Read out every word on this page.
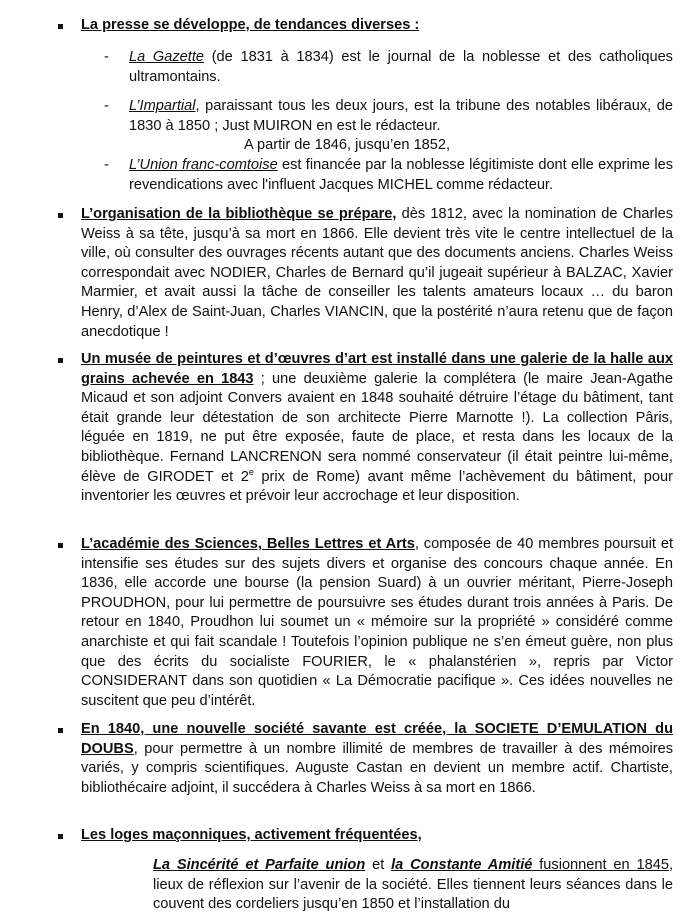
La presse se développe, de tendances diverses :
- La Gazette (de 1831 à 1834) est le journal de la noblesse et des catholiques ultramontains.
- L’Impartial, paraissant tous les deux jours, est la tribune des notables libéraux, de 1830 à 1850 ; Just MUIRON en est le rédacteur.
A partir de 1846, jusqu’en 1852,
- L’Union franc-comtoise est financée par la noblesse légitimiste dont elle exprime les revendications avec l'influent Jacques MICHEL comme rédacteur.
L’organisation de la bibliothèque se prépare, dès 1812, avec la nomination de Charles Weiss à sa tête, jusqu’à sa mort en 1866. Elle devient très vite le centre intellectuel de la ville, où consulter des ouvrages récents autant que des documents anciens. Charles Weiss correspondait avec NODIER, Charles de Bernard qu’il jugeait supérieur à BALZAC, Xavier Marmier, et avait aussi la tâche de conseiller les talents amateurs locaux … du baron Henry, d’Alex de Saint-Juan, Charles VIANCIN, que la postérité n’aura retenu que de façon anecdotique !
Un musée de peintures et d’œuvres d’art est installé dans une galerie de la halle aux grains achevée en 1843 ; une deuxième galerie la complétera (le maire Jean-Agathe Micaud et son adjoint Convers avaient en 1848 souhaité détruire l’étage du bâtiment, tant était grande leur détestation de son architecte Pierre Marnotte !). La collection Pâris, léguée en 1819, ne put être exposée, faute de place, et resta dans les locaux de la bibliothèque. Fernand LANCRENON sera nommé conservateur (il était peintre lui-même, élève de GIRODET et 2e prix de Rome) avant même l’achèvement du bâtiment, pour inventorier les œuvres et prévoir leur accrochage et leur disposition.
L’académie des Sciences, Belles Lettres et Arts, composée de 40 membres poursuit et intensifie ses études sur des sujets divers et organise des concours chaque année. En 1836, elle accorde une bourse (la pension Suard) à un ouvrier méritant, Pierre-Joseph PROUDHON, pour lui permettre de poursuivre ses études durant trois années à Paris. De retour en 1840, Proudhon lui soumet un « mémoire sur la propriété » considéré comme anarchiste et qui fait scandale ! Toutefois l’opinion publique ne s’en émeut guère, non plus que des écrits du socialiste FOURIER, le « phalanstérien », repris par Victor CONSIDERANT dans son quotidien « La Démocratie pacifique ». Ces idées nouvelles ne suscitent que peu d’intérêt.
En 1840, une nouvelle société savante est créée, la SOCIETE D’EMULATION du DOUBS, pour permettre à un nombre illimité de membres de travailler à des mémoires variés, y compris scientifiques. Auguste Castan en devient un membre actif. Chartiste, bibliothécaire adjoint, il succédera à Charles Weiss à sa mort en 1866.
Les loges maçonniques, activement fréquentées,
La Sincérité et Parfaite union et la Constante Amitié fusionnent en 1845, lieux de réflexion sur l’avenir de la société. Elles tiennent leurs séances dans le couvent des cordeliers jusqu’en 1850 et l’installation du
